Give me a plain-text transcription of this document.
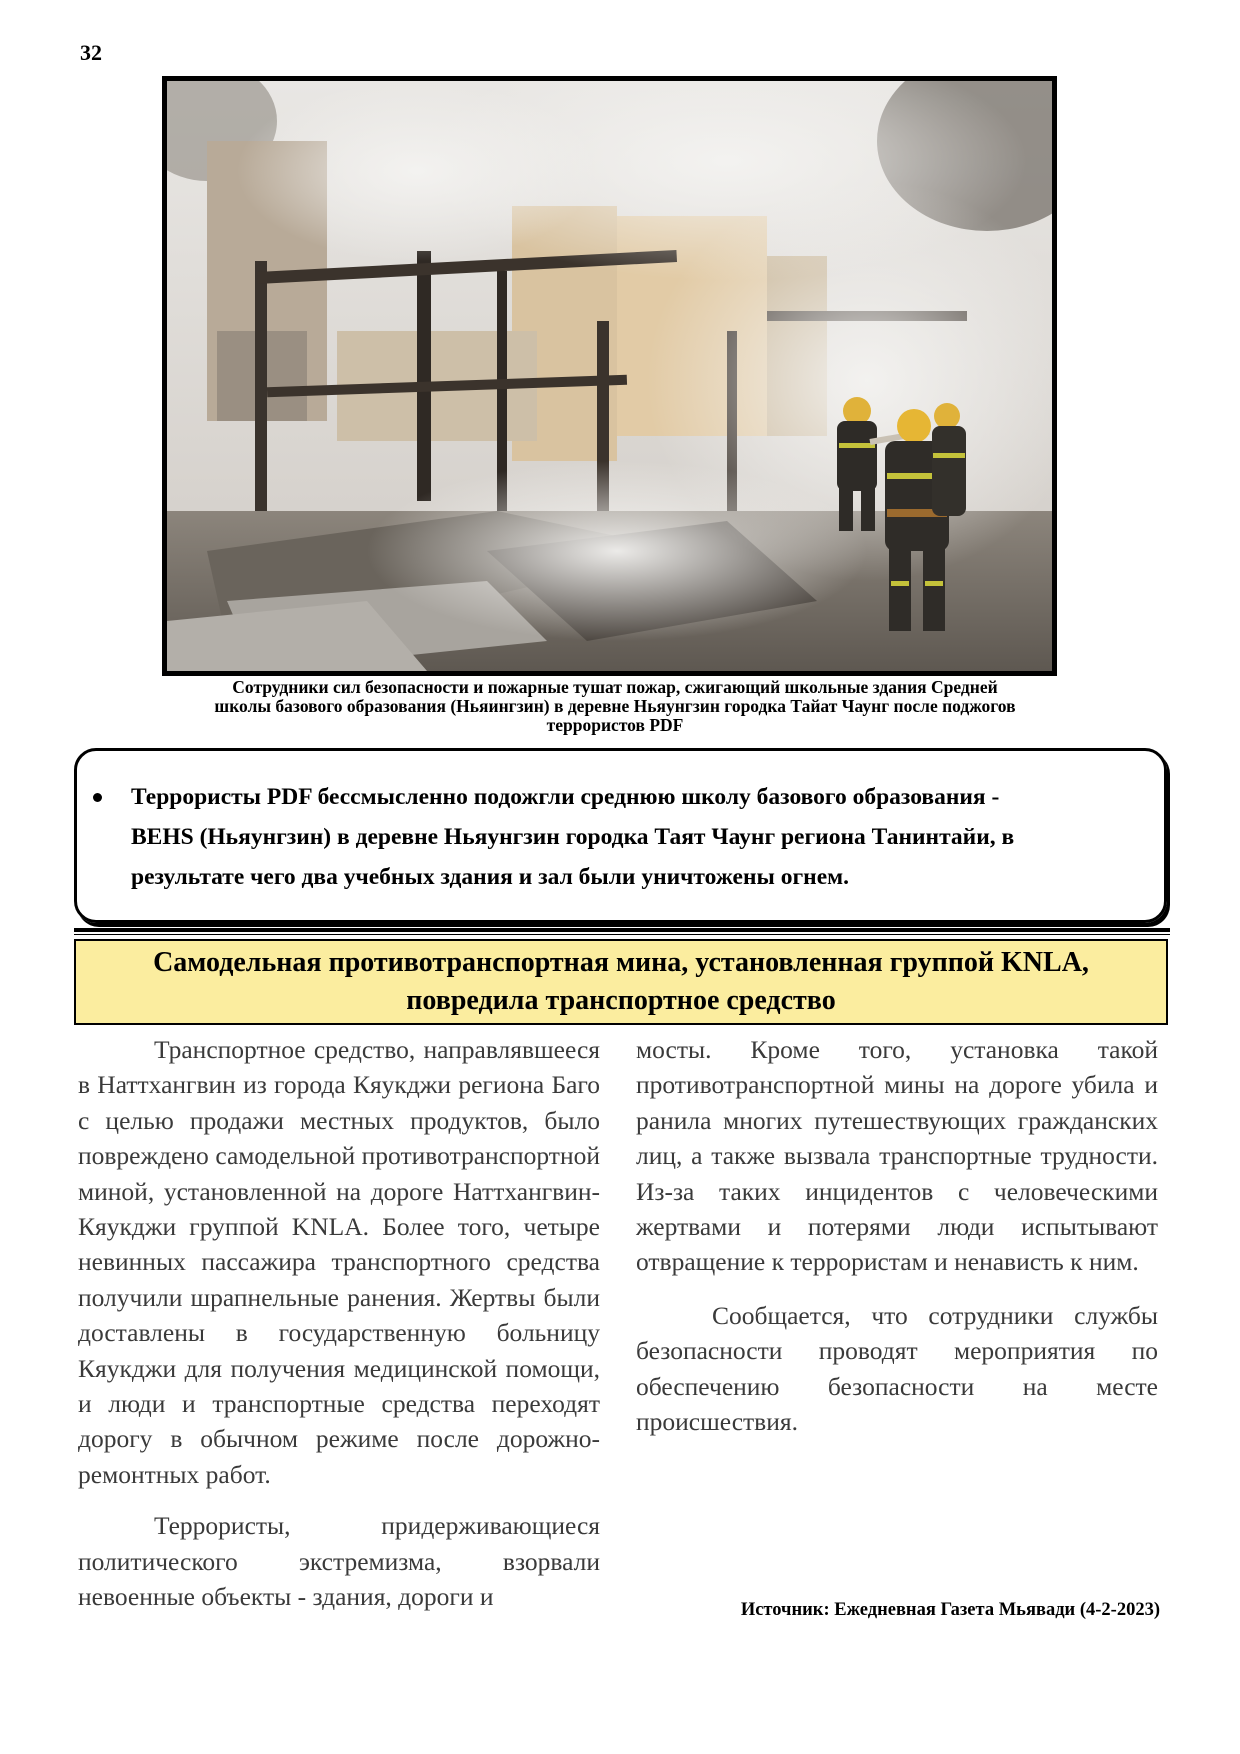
32
Сотрудники сил безопасности и пожарные тушат пожар, сжигающий школьные здания Средней
школы базового образования (Ньяингзин) в деревне Ньяунгзин городка Тайат Чаунг после поджогов
террористов PDF
Террористы PDF бессмысленно подожгли среднюю школу базового образования -
BEHS (Ньяунгзин) в деревне Ньяунгзин городка Таят Чаунг региона Танинтайи, в
результате чего два учебных здания и зал были уничтожены огнем.
Самодельная противотранспортная мина, установленная группой KNLA,
повредила транспортное средство

Транспортное средство, направлявшееся в Наттхангвин из города Кяукджи региона Баго с целью продажи местных продуктов, было повреждено самодельной противотранспортной миной, установленной на дороге Наттхангвин-Кяукджи группой KNLA. Более того, четыре невинных пассажира транспортного средства получили шрапнельные ранения. Жертвы были доставлены в государственную больницу Кяукджи для получения медицинской помощи, и люди и транспортные средства переходят дорогу в обычном режиме после дорожно-ремонтных работ.

Террористы, придерживающиеся политического экстремизма, взорвали невоенные объекты - здания, дороги и

мосты. Кроме того, установка такой противотранспортной мины на дороге убила и ранила многих путешествующих гражданских лиц, а также вызвала транспортные трудности. Из-за таких инцидентов с человеческими жертвами и потерями люди испытывают отвращение к террористам и ненависть к ним.

Сообщается, что сотрудники службы безопасности проводят мероприятия по обеспечению безопасности на месте происшествия.

Источник: Ежедневная Газета Мьявади (4-2-2023)
